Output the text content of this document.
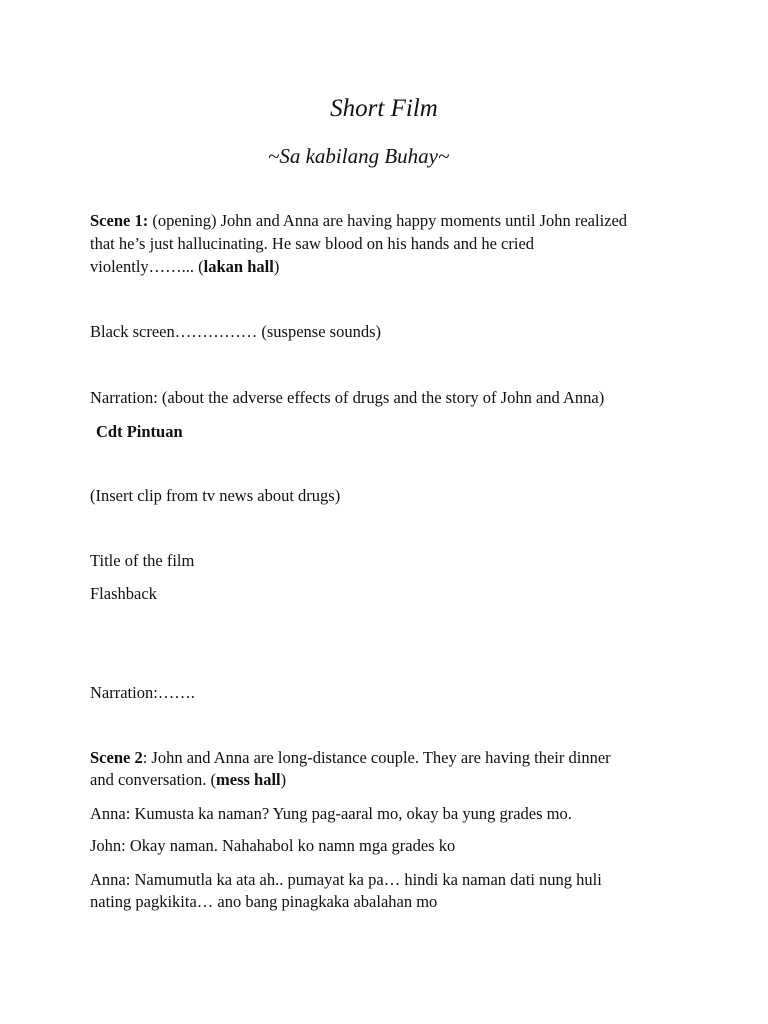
Short Film

~Sa kabilang Buhay~

Scene 1: (opening) John and Anna are having happy moments until John realized

that he’s just hallucinating. He saw blood on his hands and he cried

violently……... (lakan hall)

Black screen…………… (suspense sounds)

Narration: (about the adverse effects of drugs and the story of John and Anna)

Cdt Pintuan

(Insert clip from tv news about drugs)

Title of the film

Flashback

Narration:…….

Scene 2: John and Anna are long-distance couple. They are having their dinner

and conversation. (mess hall)

Anna: Kumusta ka naman? Yung pag-aaral mo, okay ba yung grades mo.

John: Okay naman. Nahahabol ko namn mga grades ko

Anna: Namumutla ka ata ah.. pumayat ka pa… hindi ka naman dati nung huli

nating pagkikita… ano bang pinagkaka abalahan mo
